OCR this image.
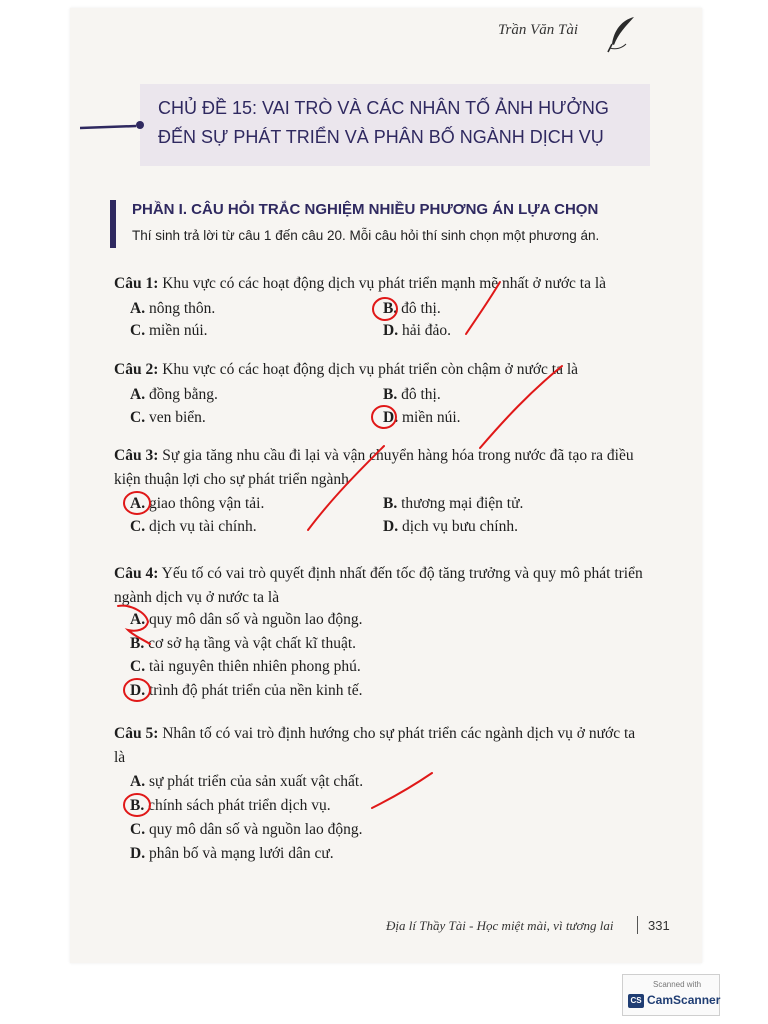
Trần Văn Tài
CHỦ ĐỀ 15: VAI TRÒ VÀ CÁC NHÂN TỐ ẢNH HƯỞNG
ĐẾN SỰ PHÁT TRIỂN VÀ PHÂN BỐ NGÀNH DỊCH VỤ
PHẦN I. CÂU HỎI TRẮC NGHIỆM NHIỀU PHƯƠNG ÁN LỰA CHỌN

Thí sinh trả lời từ câu 1 đến câu 20. Mỗi câu hỏi thí sinh chọn một phương án.

Câu 1: Khu vực có các hoạt động dịch vụ phát triển mạnh mẽ nhất ở nước ta là

A. nông thôn.	B. đô thị.
C. miền núi.	D. hải đảo.

Câu 2: Khu vực có các hoạt động dịch vụ phát triển còn chậm ở nước ta là

A. đồng bằng.	B. đô thị.
C. ven biển.	D. miền núi.

Câu 3: Sự gia tăng nhu cầu đi lại và vận chuyển hàng hóa trong nước đã tạo ra điều kiện thuận lợi cho sự phát triển ngành

A. giao thông vận tải.	B. thương mại điện tử.
C. dịch vụ tài chính.	D. dịch vụ bưu chính.

Câu 4: Yếu tố có vai trò quyết định nhất đến tốc độ tăng trưởng và quy mô phát triển ngành dịch vụ ở nước ta là

A. quy mô dân số và nguồn lao động.
B. cơ sở hạ tầng và vật chất kĩ thuật.
C. tài nguyên thiên nhiên phong phú.
D. trình độ phát triển của nền kinh tế.

Câu 5: Nhân tố có vai trò định hướng cho sự phát triển các ngành dịch vụ ở nước ta là

A. sự phát triển của sản xuất vật chất.
B. chính sách phát triển dịch vụ.
C. quy mô dân số và nguồn lao động.
D. phân bố và mạng lưới dân cư.
Địa lí Thầy Tài - Học miệt mài, vì tương lai	331
Scanned with
CS CamScanner
